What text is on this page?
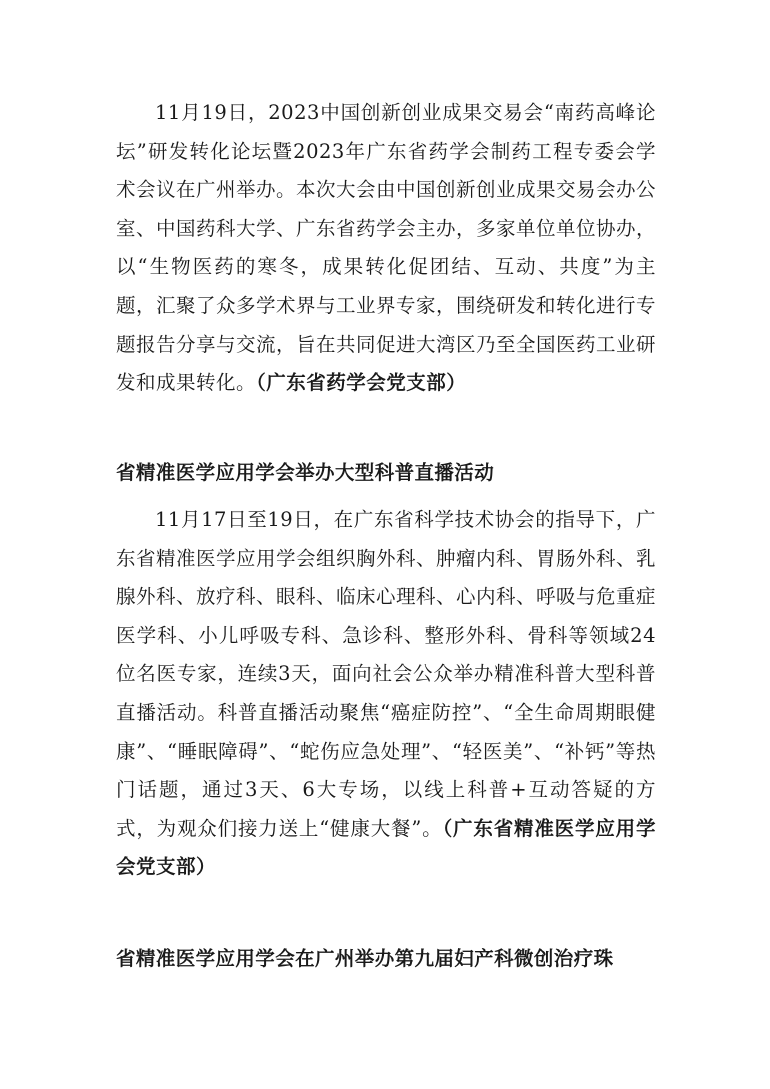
11月19日，2023中国创新创业成果交易会“南药高峰论坛”研发转化论坛暨2023年广东省药学会制药工程专委会学术会议在广州举办。本次大会由中国创新创业成果交易会办公室、中国药科大学、广东省药学会主办，多家单位单位协办，以“生物医药的寒冬，成果转化促团结、互动、共度”为主题，汇聚了众多学术界与工业界专家，围绕研发和转化进行专题报告分享与交流，旨在共同促进大湾区乃至全国医药工业研发和成果转化。（广东省药学会党支部）

省精准医学应用学会举办大型科普直播活动

11月17日至19日，在广东省科学技术协会的指导下，广东省精准医学应用学会组织胸外科、肿瘤内科、胃肠外科、乳腺外科、放疗科、眼科、临床心理科、心内科、呼吸与危重症医学科、小儿呼吸专科、急诊科、整形外科、骨科等领域24位名医专家，连续3天，面向社会公众举办精准科普大型科普直播活动。科普直播活动聚焦“癌症防控”、“全生命周期眼健康”、“睡眠障碍”、“蛇伤应急处理”、“轻医美”、“补钙”等热门话题，通过3天、6大专场，以线上科普+互动答疑的方式，为观众们接力送上“健康大餐”。（广东省精准医学应用学会党支部）

省精准医学应用学会在广州举办第九届妇产科微创治疗珠
